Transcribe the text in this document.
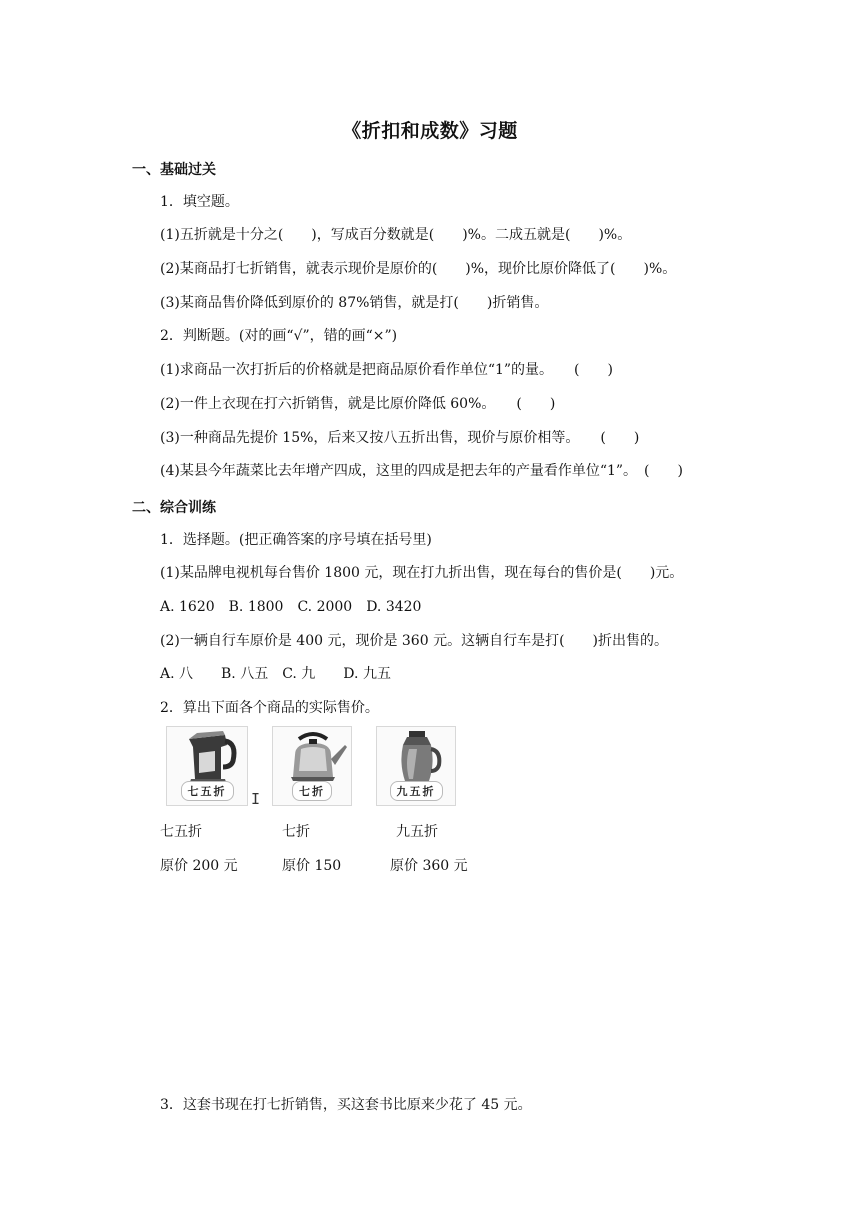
《折扣和成数》习题
一、基础过关
1．填空题。
(1)五折就是十分之(　　)，写成百分数就是(　　)%。二成五就是(　　)%。
(2)某商品打七折销售，就表示现价是原价的(　　)%，现价比原价降低了(　　)%。
(3)某商品售价降低到原价的 87%销售，就是打(　　)折销售。
2．判断题。(对的画“√”，错的画“×”)
(1)求商品一次打折后的价格就是把商品原价看作单位“1”的量。　　(　　)
(2)一件上衣现在打六折销售，就是比原价降低 60%。　　(　　)
(3)一种商品先提价 15%，后来又按八五折出售，现价与原价相等。　　(　　)
(4)某县今年蔬菜比去年增产四成，这里的四成是把去年的产量看作单位“1”。　(　　)
二、综合训练
1．选择题。(把正确答案的序号填在括号里)
(1)某品牌电视机每台售价 1800 元，现在打九折出售，现在每台的售价是(　　)元。
A. 1620　B. 1800　C. 2000　D. 3420
(2)一辆自行车原价是 400 元，现价是 360 元。这辆自行车是打(　　)折出售的。
A. 八　　B. 八五　C. 九　　D. 九五
2．算出下面各个商品的实际售价。
七五折	七折	九五折
I
七五折	七折	九五折
原价 200 元	原价 150	原价 360 元
3．这套书现在打七折销售，买这套书比原来少花了 45 元。
